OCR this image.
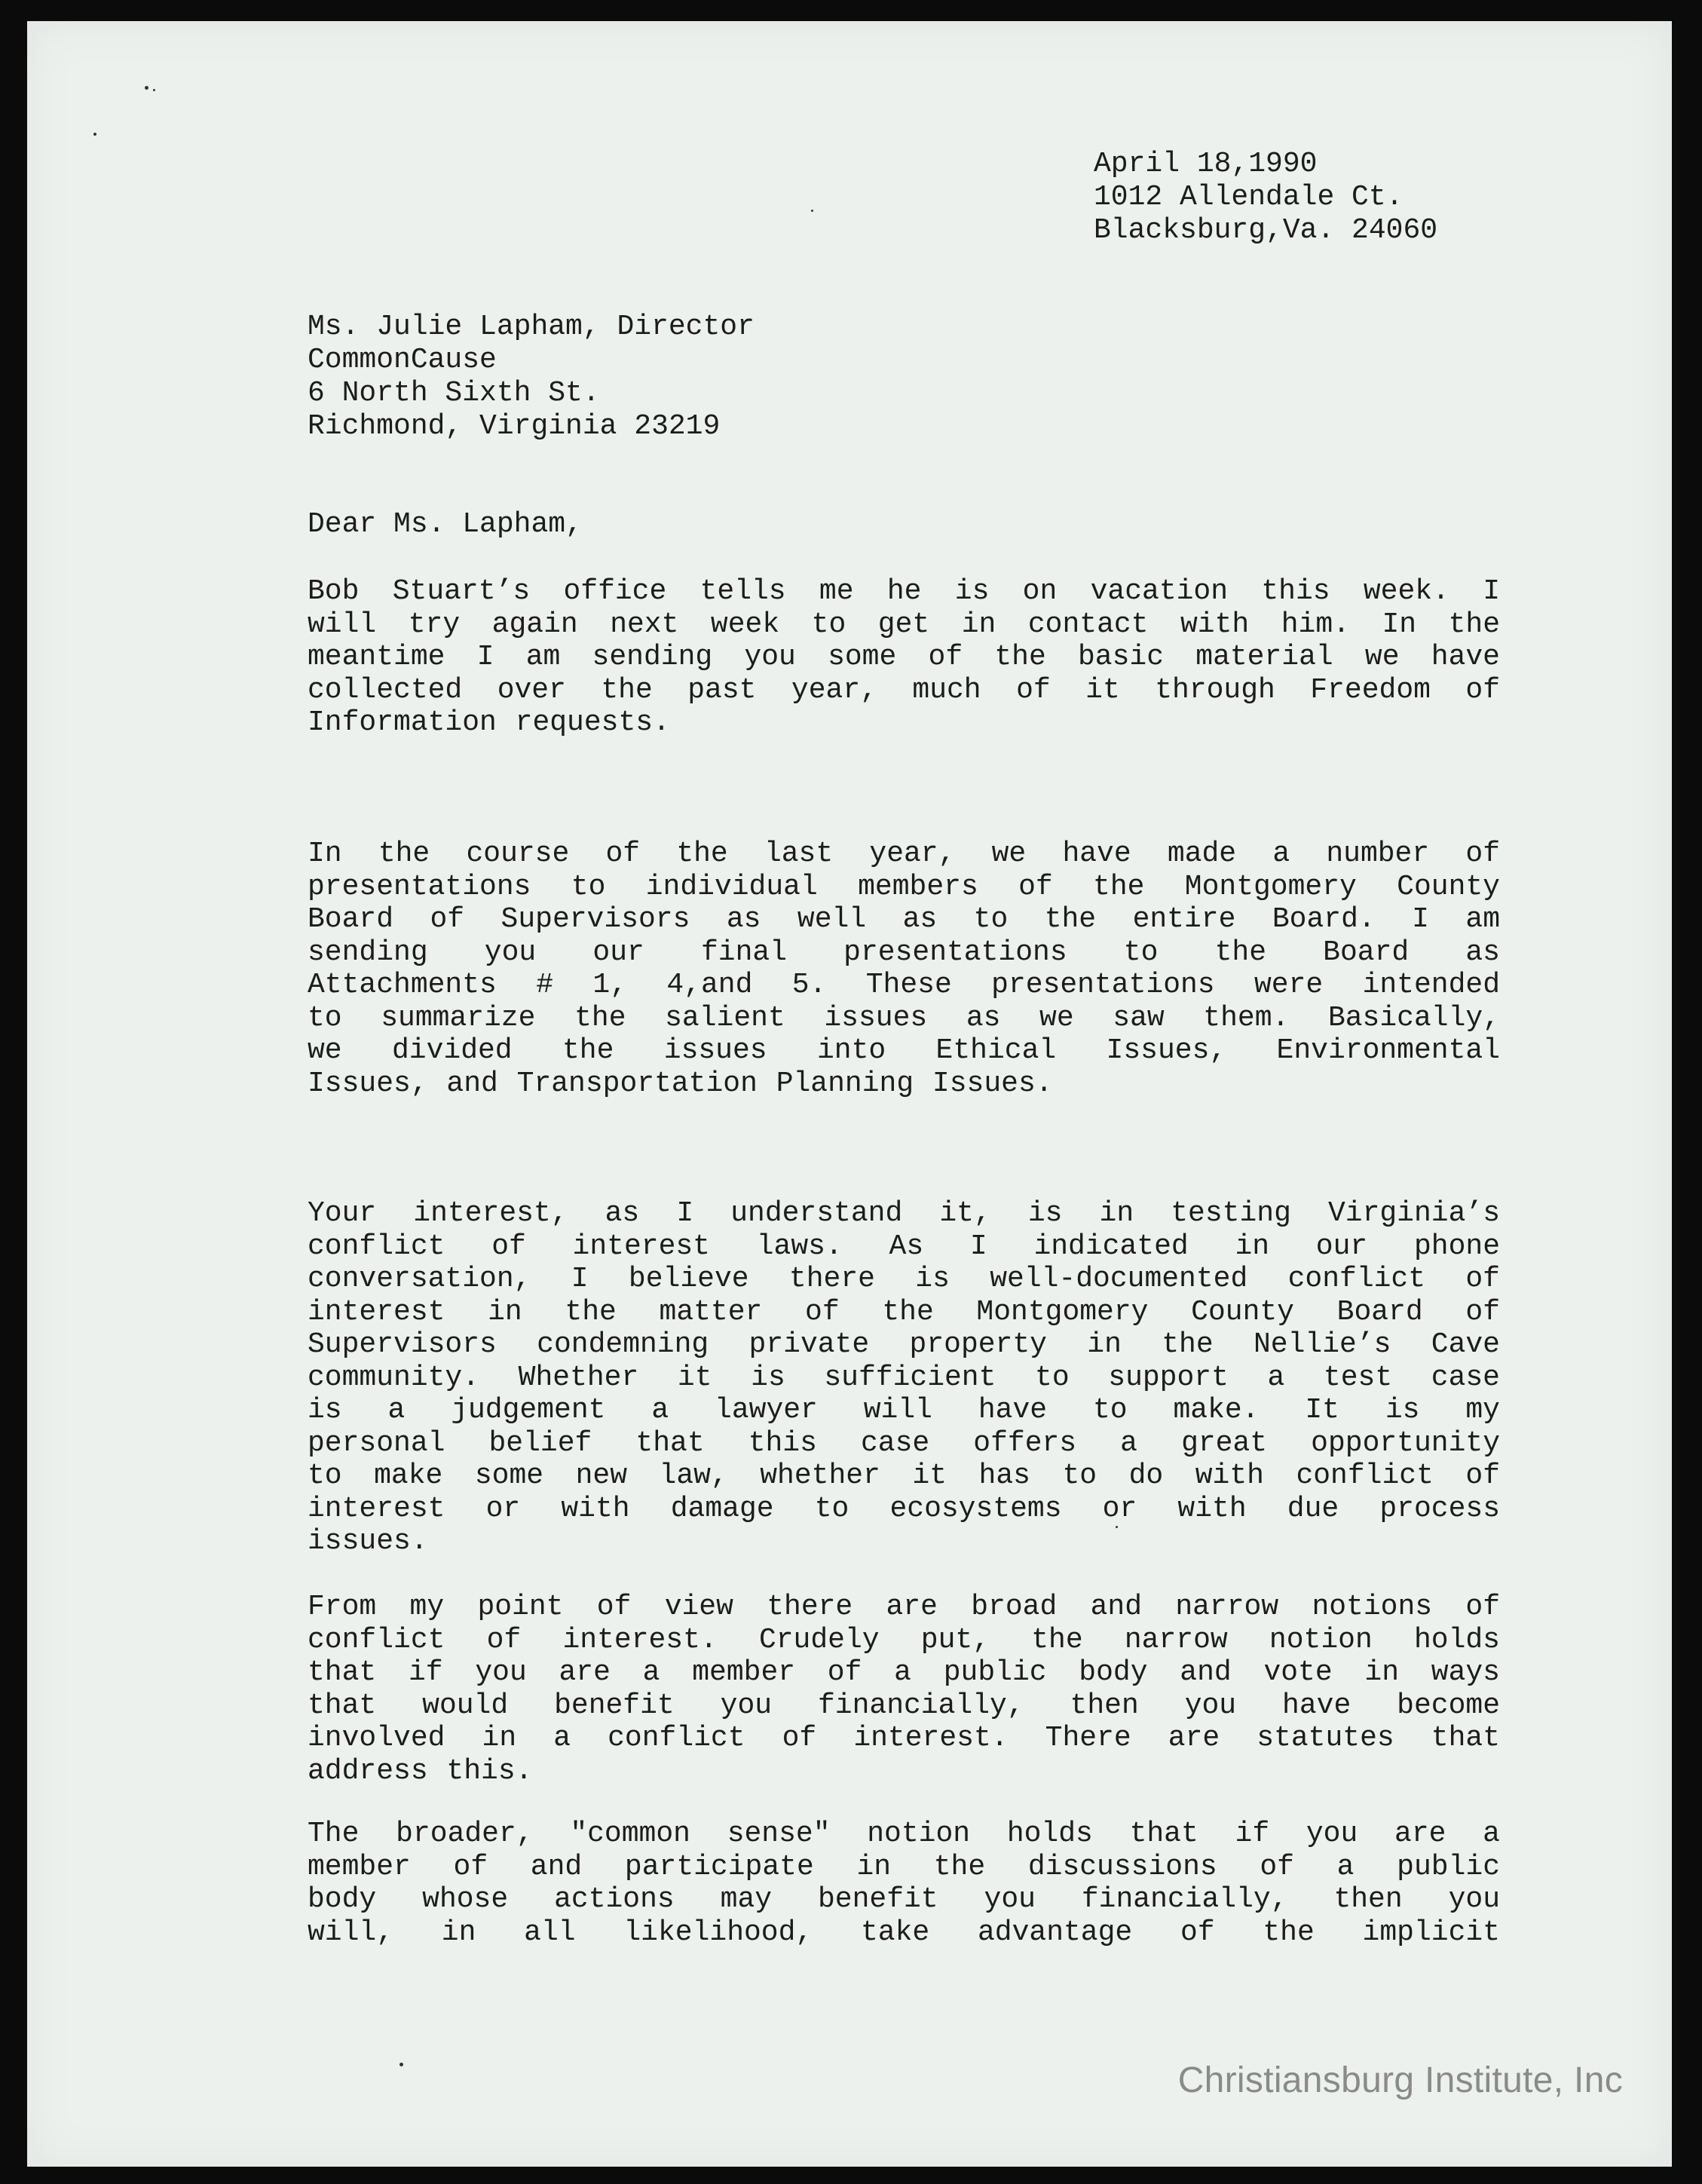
April 18,1990
1012 Allendale Ct.
Blacksburg,Va. 24060
Ms. Julie Lapham, Director
CommonCause
6 North Sixth St.
Richmond, Virginia 23219
Dear Ms. Lapham,
Bob Stuart’s office tells me he is on vacation this week. I
will try again next week to get in contact with him. In the
meantime I am sending you some of the basic material we have
collected over the past year, much of it through Freedom of
Information requests.
In the course of the last year, we have made a number of
presentations to individual members of the Montgomery County
Board of Supervisors as well as to the entire Board. I am
sending you our final presentations to the Board as
Attachments # 1, 4,and 5. These presentations were intended
to summarize the salient issues as we saw them. Basically,
we divided the issues into Ethical Issues, Environmental
Issues, and Transportation Planning Issues.
Your interest, as I understand it, is in testing Virginia’s
conflict of interest laws. As I indicated in our phone
conversation, I believe there is well-documented conflict of
interest in the matter of the Montgomery County Board of
Supervisors condemning private property in the Nellie’s Cave
community. Whether it is sufficient to support a test case
is a judgement a lawyer will have to make. It is my
personal belief that this case offers a great opportunity
to make some new law, whether it has to do with conflict of
interest or with damage to ecosystems or with due process
issues.
From my point of view there are broad and narrow notions of
conflict of interest. Crudely put, the narrow notion holds
that if you are a member of a public body and vote in ways
that would benefit you financially, then you have become
involved in a conflict of interest. There are statutes that
address this.
The broader, "common sense" notion holds that if you are a
member of and participate in the discussions of a public
body whose actions may benefit you financially, then you
will, in all likelihood, take advantage of the implicit
Christiansburg Institute, Inc
